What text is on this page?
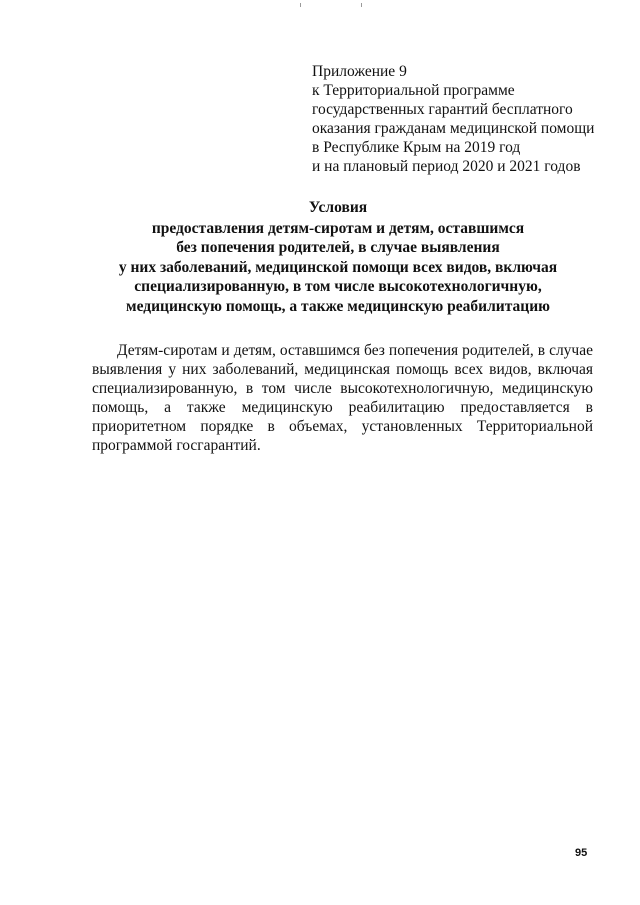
Приложение 9
к Территориальной программе
государственных гарантий бесплатного
оказания гражданам медицинской помощи
в Республике Крым на 2019 год
и на плановый период 2020 и 2021 годов
Условия
предоставления детям-сиротам и детям, оставшимся
без попечения родителей, в случае выявления
у них заболеваний, медицинской помощи всех видов, включая
специализированную, в том числе высокотехнологичную,
медицинскую помощь, а также медицинскую реабилитацию

Детям-сиротам и детям, оставшимся без попечения родителей, в случае выявления у них заболеваний, медицинская помощь всех видов, включая специализированную, в том числе высокотехнологичную, медицинскую помощь, а также медицинскую реабилитацию предоставляется в приоритетном порядке в объемах, установленных Территориальной программой госгарантий.

95
